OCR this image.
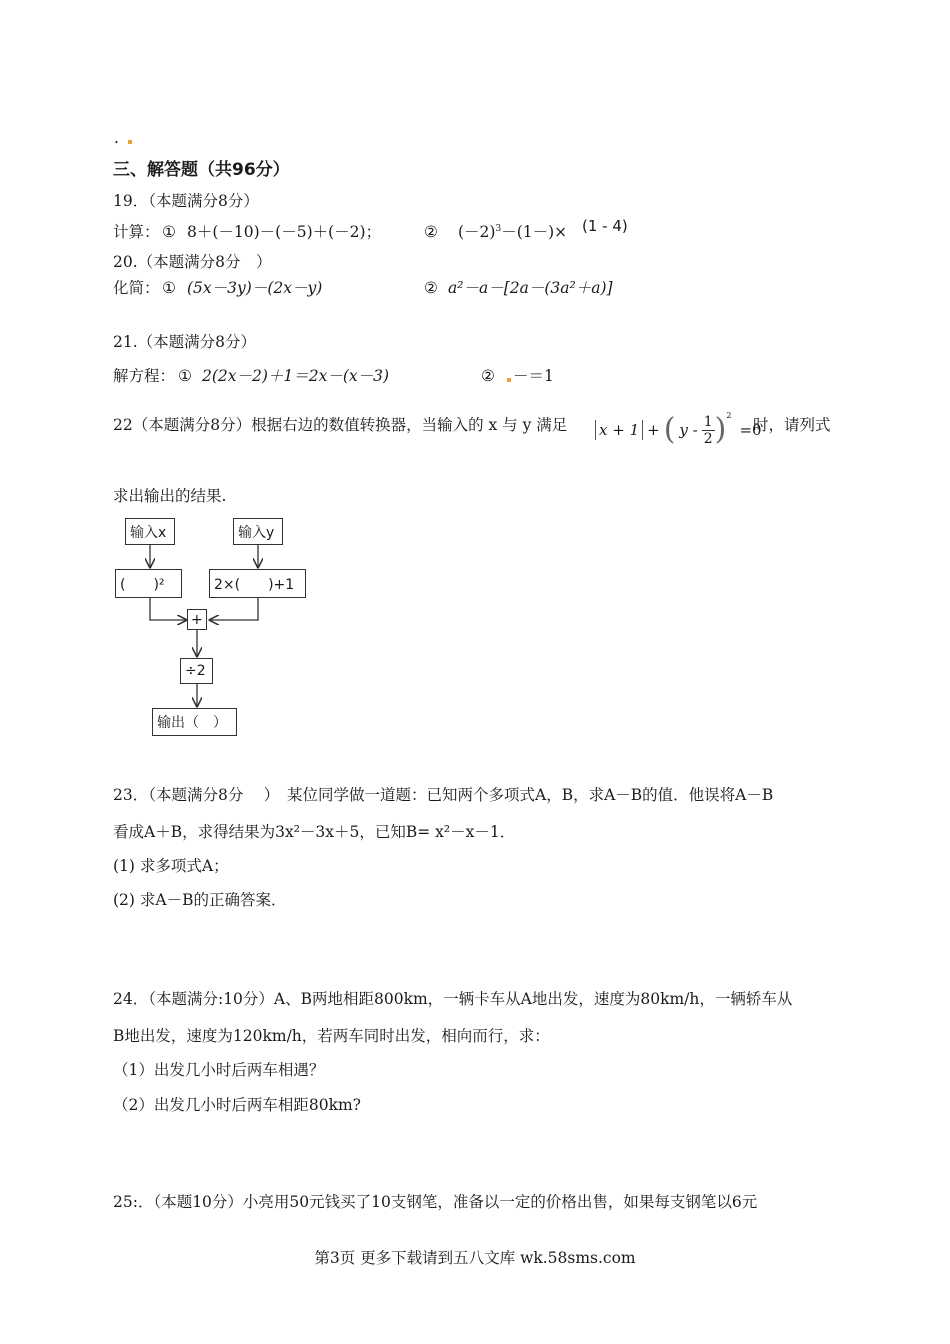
.
三、解答题（共96分）
19．（本题满分8分）
计算： ① 8＋(－10)－(－5)＋(－2)；	② $(-2)^3-(1-)\times (1 - 4)$
20.（本题满分8分　）
化简： ① (5x－3y)－(2x－y)	② a²－a－[2a－(3a²＋a)]
21.（本题满分8分）
解方程： ① 2(2x－2)＋1＝2x－(x－3)	② －＝1
22（本题满分8分）根据右边的数值转换器，当输入的 x 与 y 满足 x + 1 + ( y - $\frac{1}{2} )^2$
=0
时，请列式
求出输出的结果.
输入x	输入y
(　　)²	2×(　　)+1
+
÷2
输出（　）
23．（本题满分8分　 ）　某位同学做一道题：已知两个多项式A，B，求A－B的值．他误将A－B
看成A＋B，求得结果为3x²－3x＋5，已知B= x²－x－1．
(1) 求多项式A；
(2) 求A－B的正确答案．
24．（本题满分:10分）A、B两地相距800km，一辆卡车从A地出发，速度为80km/h，一辆轿车从
B地出发，速度为120km/h，若两车同时出发，相向而行，求：
（1）出发几小时后两车相遇？
（2）出发几小时后两车相距80km?
25:．（本题10分）小亮用50元钱买了10支钢笔，准备以一定的价格出售，如果每支钢笔以6元
第3页 更多下载请到五八文库 wk.58sms.com
